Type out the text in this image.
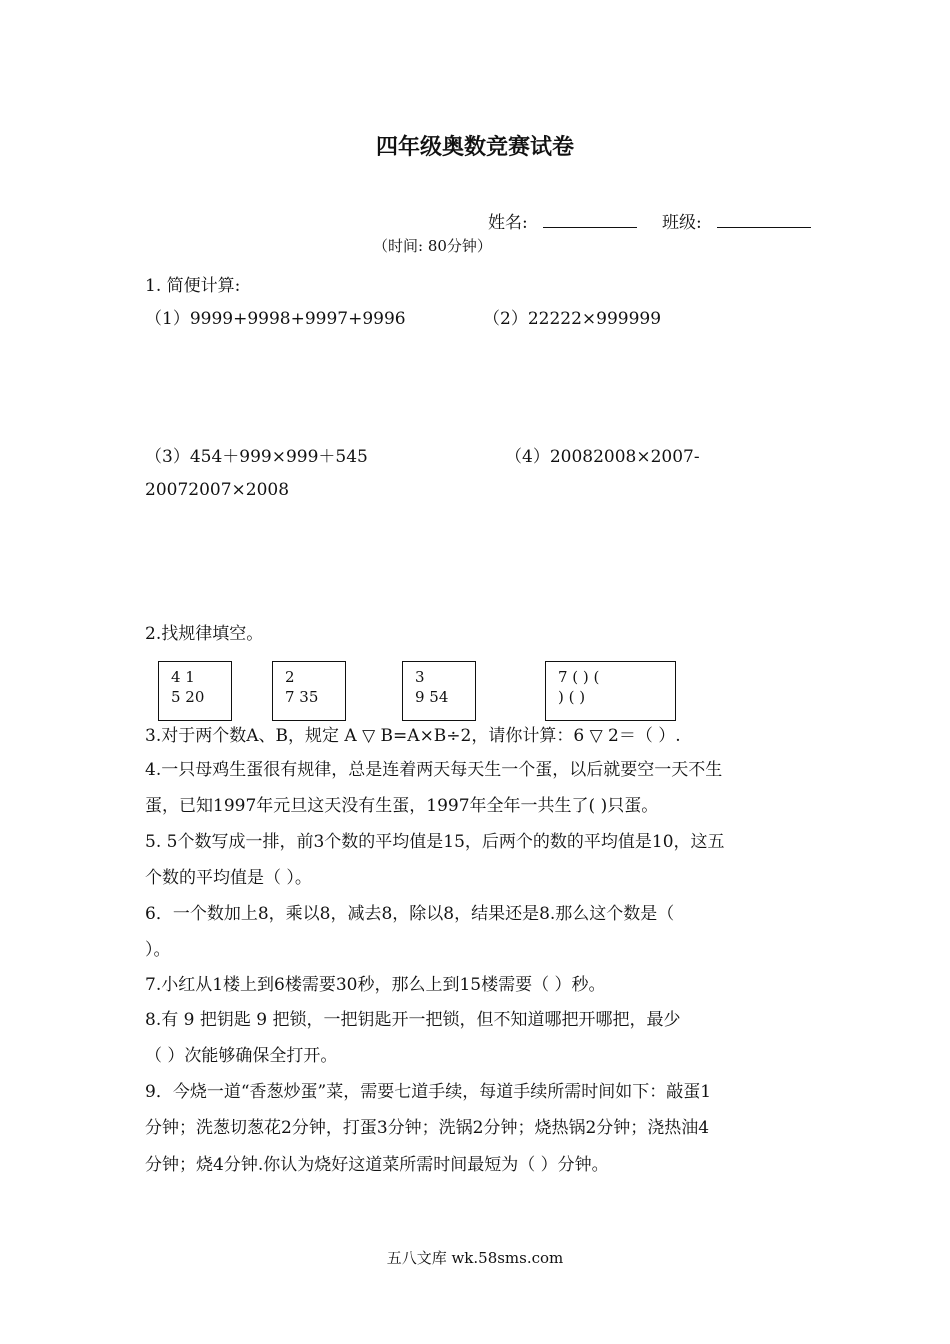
四年级奥数竞赛试卷
姓名:	班级:
（时间: 80分钟）
1. 简便计算:
（1）9999+9998+9997+9996	（2）22222×999999
（3）454＋999×999＋545	（4）20082008×2007-
20072007×2008
2.找规律填空。
4 1
5 20
2
7 35
3
9 54
7 ( ) (
) ( )
3.对于两个数A、B，规定 A ▽ B=A×B÷2，请你计算：6 ▽ 2＝（ ）.
4.一只母鸡生蛋很有规律，总是连着两天每天生一个蛋，以后就要空一天不生
蛋，已知1997年元旦这天没有生蛋，1997年全年一共生了( )只蛋。
5. 5个数写成一排，前3个数的平均值是15，后两个的数的平均值是10，这五
个数的平均值是（ ）。
6．一个数加上8，乘以8，减去8，除以8，结果还是8.那么这个数是（
）。
7.小红从1楼上到6楼需要30秒，那么上到15楼需要（ ）秒。
8.有 9 把钥匙 9 把锁，一把钥匙开一把锁，但不知道哪把开哪把，最少
（ ）次能够确保全打开。
9．今烧一道“香葱炒蛋”菜，需要七道手续，每道手续所需时间如下：敲蛋1
分钟；洗葱切葱花2分钟，打蛋3分钟；洗锅2分钟；烧热锅2分钟；浇热油4
分钟；烧4分钟.你认为烧好这道菜所需时间最短为（ ）分钟。
五八文库 wk.58sms.com
